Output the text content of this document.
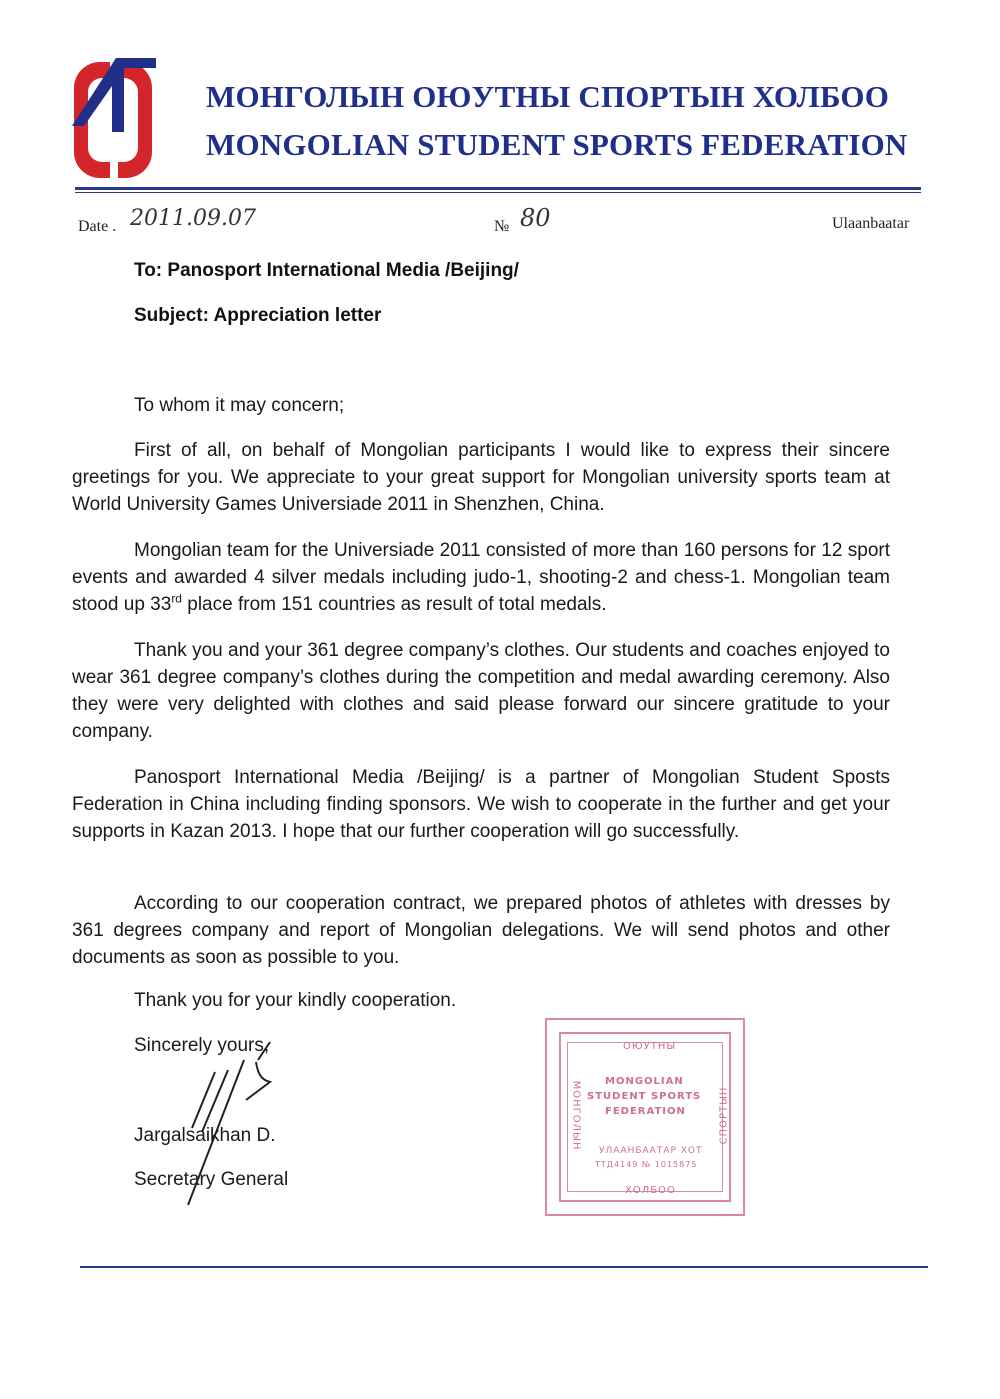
МОНГОЛЫН ОЮУТНЫ СПОРТЫН ХОЛБОО
MONGOLIAN STUDENT SPORTS FEDERATION
Date . 2011.09.07	№ 80	Ulaanbaatar
To: Panosport International Media /Beijing/
Subject: Appreciation letter
To whom it may concern;

First of all, on behalf of Mongolian participants I would like to express their sincere greetings for you. We appreciate to your great support for Mongolian university sports team at World University Games Universiade 2011 in Shenzhen, China.

Mongolian team for the Universiade 2011 consisted of more than 160 persons for 12 sport events and awarded 4 silver medals including judo-1, shooting-2 and chess-1. Mongolian team stood up 33rd place from 151 countries as result of total medals.

Thank you and your 361 degree company’s clothes. Our students and coaches enjoyed to wear 361 degree company’s clothes during the competition and medal awarding ceremony. Also they were very delighted with clothes and said please forward our sincere gratitude to your company.

Panosport International Media /Beijing/ is a partner of Mongolian Student Sposts Federation in China including finding sponsors. We wish to cooperate in the further and get your supports in Kazan 2013. I hope that our further cooperation will go successfully.

According to our cooperation contract, we prepared photos of athletes with dresses by 361 degrees company and report of Mongolian delegations. We will send photos and other documents as soon as possible to you.

Thank you for your kindly cooperation.
Sincerely yours,
Jargalsaikhan D.
Secretary General
ОЮУТНЫ
MONGOLIAN
STUDENT SPORTS
FEDERATION
МОНГОЛЫН	СПОРТЫН
УЛААНБААТАР ХОТ
ТТД4149 № 1015875
ХОЛБОО
